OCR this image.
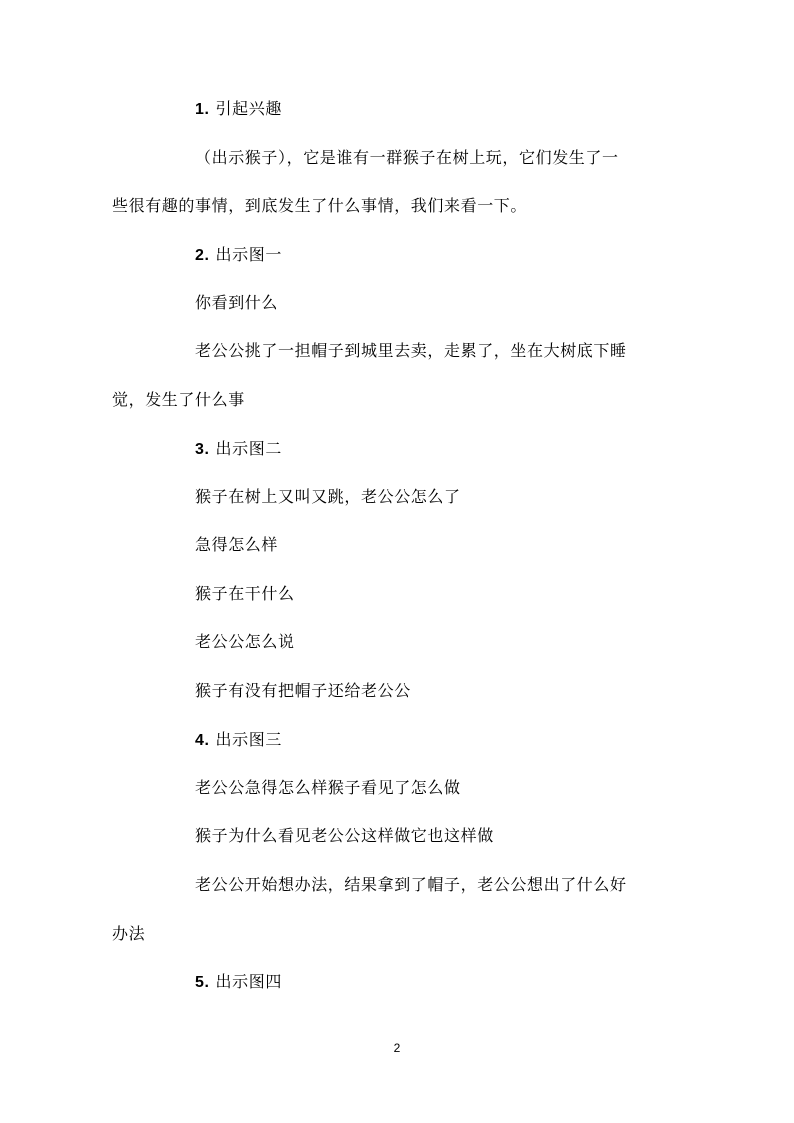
1. 引起兴趣
（出示猴子），它是谁有一群猴子在树上玩，它们发生了一
些很有趣的事情，到底发生了什么事情，我们来看一下。
2. 出示图一
你看到什么
老公公挑了一担帽子到城里去卖，走累了，坐在大树底下睡
觉，发生了什么事
3. 出示图二
猴子在树上又叫又跳，老公公怎么了
急得怎么样
猴子在干什么
老公公怎么说
猴子有没有把帽子还给老公公
4. 出示图三
老公公急得怎么样猴子看见了怎么做
猴子为什么看见老公公这样做它也这样做
老公公开始想办法，结果拿到了帽子，老公公想出了什么好
办法
5. 出示图四
2
